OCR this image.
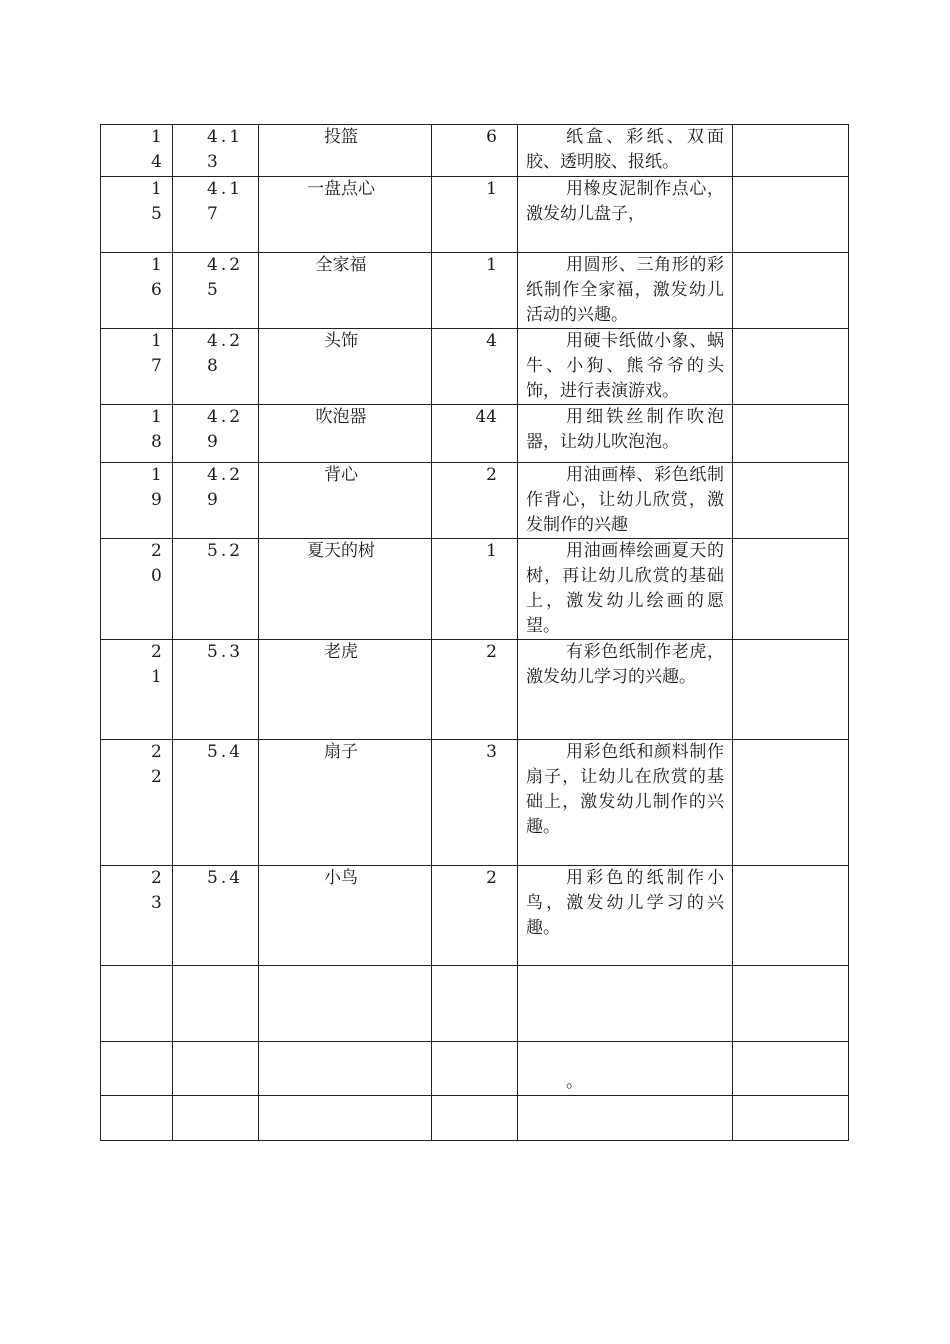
14	4.13	投篮	6	纸盒、彩纸、双面胶、透明胶、报纸。	

15	4.17	一盘点心	1	用橡皮泥制作点心，激发幼儿盘子，	

16	4.25	全家福	1	用圆形、三角形的彩纸制作全家福，激发幼儿活动的兴趣。	

17	4.28	头饰	4	用硬卡纸做小象、蜗牛、小狗、熊爷爷的头饰，进行表演游戏。	

18	4.29	吹泡器	44	用细铁丝制作吹泡器，让幼儿吹泡泡。	

19	4.29	背心	2	用油画棒、彩色纸制作背心，让幼儿欣赏，激发制作的兴趣	

20	5.2	夏天的树	1	用油画棒绘画夏天的树，再让幼儿欣赏的基础上，激发幼儿绘画的愿望。	

21	5.3	老虎	2	有彩色纸制作老虎，激发幼儿学习的兴趣。	

22	5.4	扇子	3	用彩色纸和颜料制作扇子，让幼儿在欣赏的基础上，激发幼儿制作的兴趣。	

23	5.4	小鸟	2	用彩色的纸制作小鸟，激发幼儿学习的兴趣。	

				。	
